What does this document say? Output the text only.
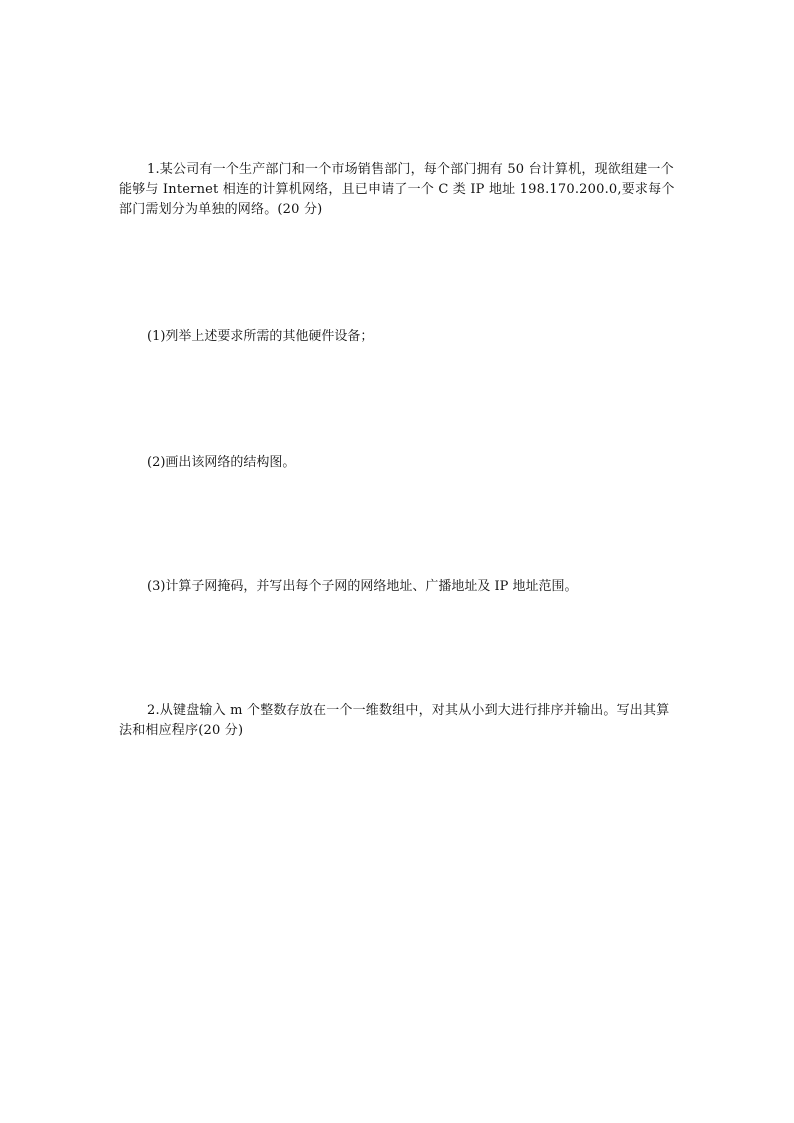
1.某公司有一个生产部门和一个市场销售部门，每个部门拥有 50 台计算机，现欲组建一个能够与 Internet 相连的计算机网络，且已申请了一个 C 类 IP 地址 198.170.200.0,要求每个部门需划分为单独的网络。(20 分)

(1)列举上述要求所需的其他硬件设备；

(2)画出该网络的结构图。

(3)计算子网掩码，并写出每个子网的网络地址、广播地址及 IP 地址范围。

2.从键盘输入 m 个整数存放在一个一维数组中，对其从小到大进行排序并输出。写出其算法和相应程序(20 分)
